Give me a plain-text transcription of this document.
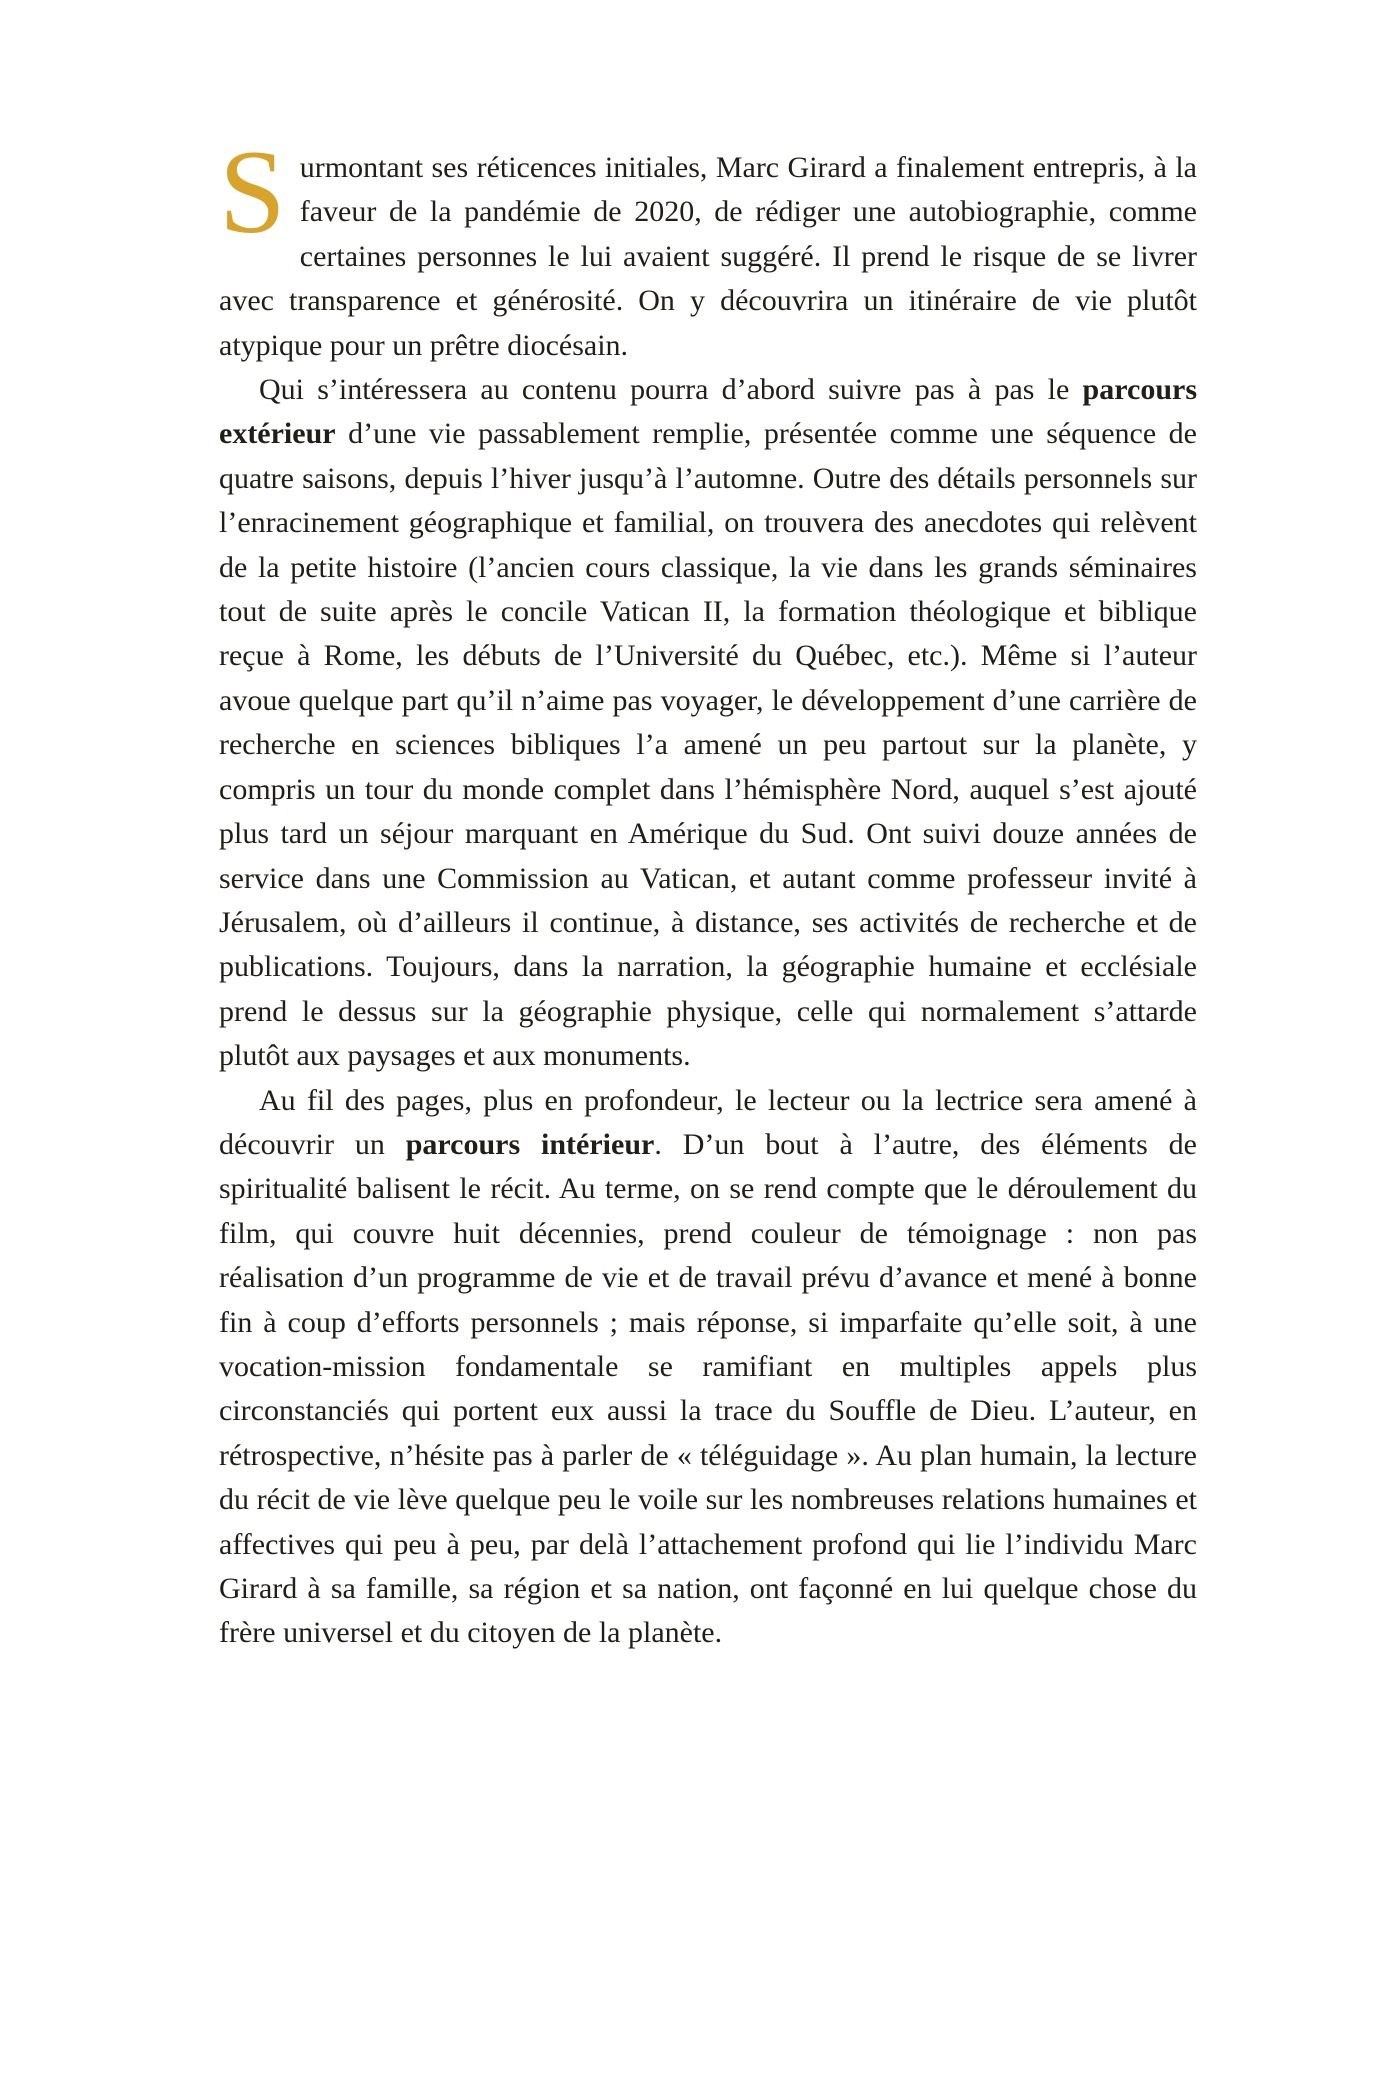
Surmontant ses réticences initiales, Marc Girard a finalement entrepris, à la faveur de la pandémie de 2020, de rédiger une autobiographie, comme certaines personnes le lui avaient suggéré. Il prend le risque de se livrer avec transparence et générosité. On y découvrira un itinéraire de vie plutôt atypique pour un prêtre diocésain.

Qui s’intéressera au contenu pourra d’abord suivre pas à pas le parcours extérieur d’une vie passablement remplie, présentée comme une séquence de quatre saisons, depuis l’hiver jusqu’à l’automne. Outre des détails personnels sur l’enracinement géographique et familial, on trouvera des anecdotes qui relèvent de la petite histoire (l’ancien cours classique, la vie dans les grands séminaires tout de suite après le concile Vatican II, la formation théologique et biblique reçue à Rome, les débuts de l’Université du Québec, etc.). Même si l’auteur avoue quelque part qu’il n’aime pas voyager, le développement d’une carrière de recherche en sciences bibliques l’a amené un peu partout sur la planète, y compris un tour du monde complet dans l’hémisphère Nord, auquel s’est ajouté plus tard un séjour marquant en Amérique du Sud. Ont suivi douze années de service dans une Commission au Vatican, et autant comme professeur invité à Jérusalem, où d’ailleurs il continue, à distance, ses activités de recherche et de publications. Toujours, dans la narration, la géographie humaine et ecclésiale prend le dessus sur la géographie physique, celle qui normalement s’attarde plutôt aux paysages et aux monuments.

Au fil des pages, plus en profondeur, le lecteur ou la lectrice sera amené à découvrir un parcours intérieur. D’un bout à l’autre, des éléments de spiritualité balisent le récit. Au terme, on se rend compte que le déroulement du film, qui couvre huit décennies, prend couleur de témoignage : non pas réalisation d’un programme de vie et de travail prévu d’avance et mené à bonne fin à coup d’efforts personnels ; mais réponse, si imparfaite qu’elle soit, à une vocation-mission fondamentale se ramifiant en multiples appels plus circonstanciés qui portent eux aussi la trace du Souffle de Dieu. L’auteur, en rétrospective, n’hésite pas à parler de « téléguidage ». Au plan humain, la lecture du récit de vie lève quelque peu le voile sur les nombreuses relations humaines et affectives qui peu à peu, par delà l’attachement profond qui lie l’individu Marc Girard à sa famille, sa région et sa nation, ont façonné en lui quelque chose du frère universel et du citoyen de la planète.
